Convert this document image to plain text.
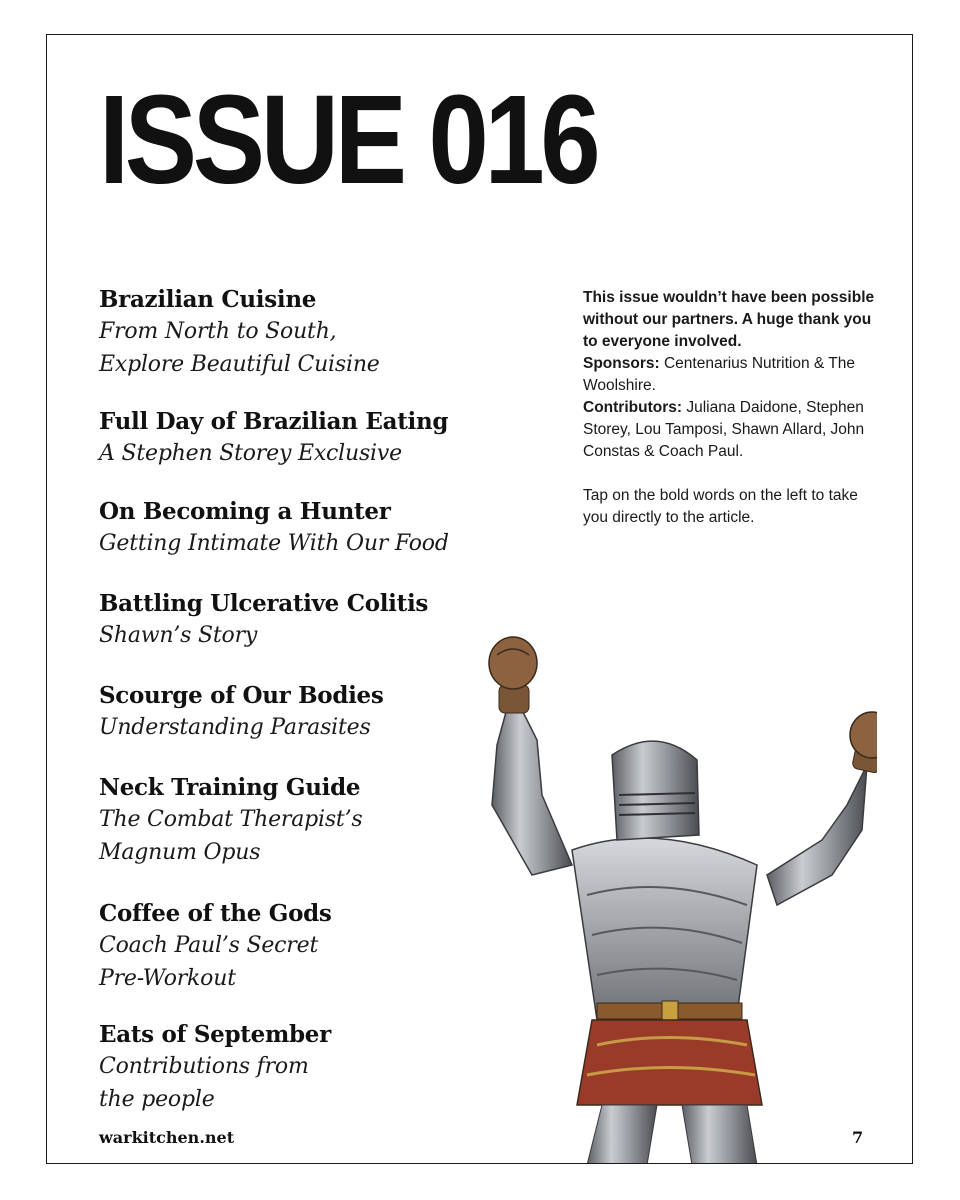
ISSUE 016
Brazilian Cuisine
From North to South,
Explore Beautiful Cuisine
Full Day of Brazilian Eating
A Stephen Storey Exclusive
On Becoming a Hunter
Getting Intimate With Our Food
Battling Ulcerative Colitis
Shawn’s Story
Scourge of Our Bodies
Understanding Parasites
Neck Training Guide
The Combat Therapist’s
Magnum Opus
Coffee of the Gods
Coach Paul’s Secret
Pre-Workout
Eats of September
Contributions from
the people

This issue wouldn’t have been possible without our partners. A huge thank you to everyone involved.

Sponsors: Centenarius Nutrition & The Woolshire.

Contributors: Juliana Daidone, Stephen Storey, Lou Tamposi, Shawn Allard, John Constas & Coach Paul.

Tap on the bold words on the left to take you directly to the article.

warkitchen.net	7
